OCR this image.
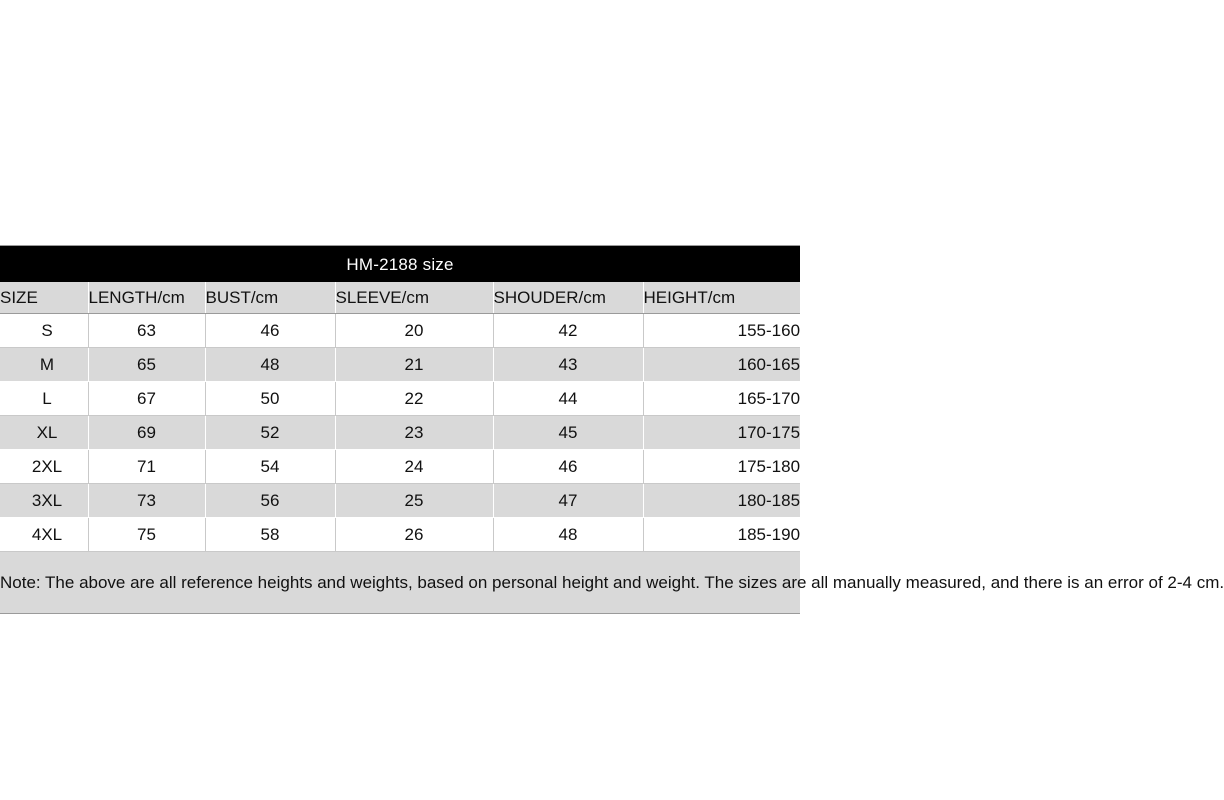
HM-2188 size					
SIZE	LENGTH/cm	BUST/cm	SLEEVE/cm	SHOUDER/cm	HEIGHT/cm
S	63	46	20	42	155-160
M	65	48	21	43	160-165
L	67	50	22	44	165-170
XL	69	52	23	45	170-175
2XL	71	54	24	46	175-180
3XL	73	56	25	47	180-185
4XL	75	58	26	48	185-190
Note: The above are all reference heights and weights, based on personal height and weight. The sizes are all manually measured, and there is an error of 2-4 cm.					
